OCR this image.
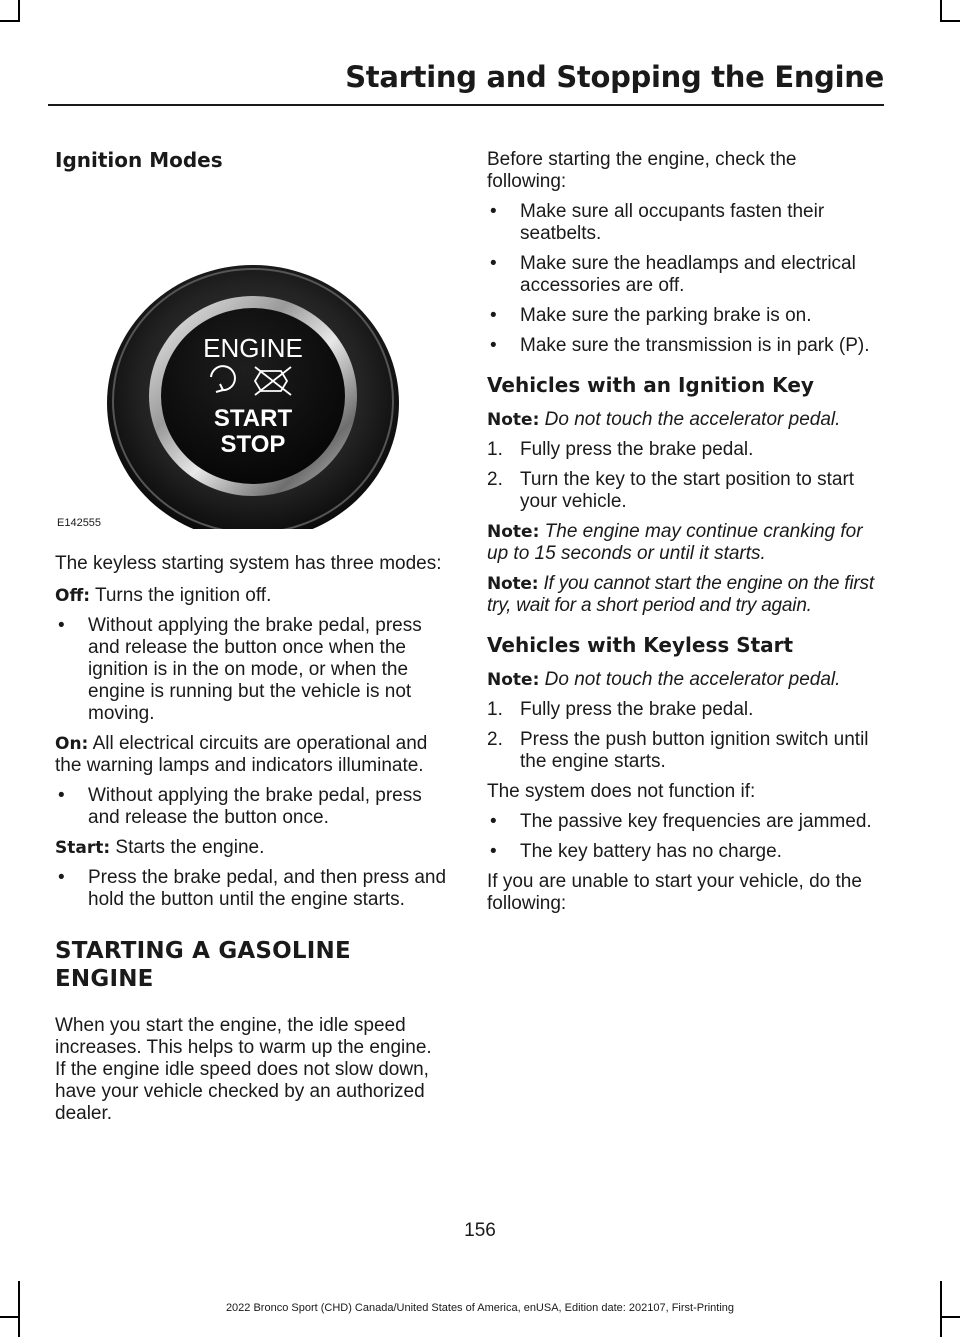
Starting and Stopping the Engine
Ignition Modes
ENGINE
START
STOP
E142555

The keyless starting system has three modes:

Off: Turns the ignition off.

• Without applying the brake pedal, press and release the button once when the ignition is in the on mode, or when the engine is running but the vehicle is not moving.

On: All electrical circuits are operational and the warning lamps and indicators illuminate.

• Without applying the brake pedal, press and release the button once.

Start: Starts the engine.

• Press the brake pedal, and then press and hold the button until the engine starts.
STARTING A GASOLINE
ENGINE

When you start the engine, the idle speed increases. This helps to warm up the engine. If the engine idle speed does not slow down, have your vehicle checked by an authorized dealer.

Before starting the engine, check the following:

• Make sure all occupants fasten their seatbelts.
• Make sure the headlamps and electrical accessories are off.
• Make sure the parking brake is on.
• Make sure the transmission is in park (P).
Vehicles with an Ignition Key

Note: Do not touch the accelerator pedal.

1. Fully press the brake pedal.
2. Turn the key to the start position to start your vehicle.

Note: The engine may continue cranking for up to 15 seconds or until it starts.

Note: If you cannot start the engine on the first try, wait for a short period and try again.

Vehicles with Keyless Start

Note: Do not touch the accelerator pedal.

1. Fully press the brake pedal.
2. Press the push button ignition switch until the engine starts.

The system does not function if:

• The passive key frequencies are jammed.
• The key battery has no charge.

If you are unable to start your vehicle, do the following:

156
2022 Bronco Sport (CHD) Canada/United States of America, enUSA, Edition date: 202107, First-Printing
